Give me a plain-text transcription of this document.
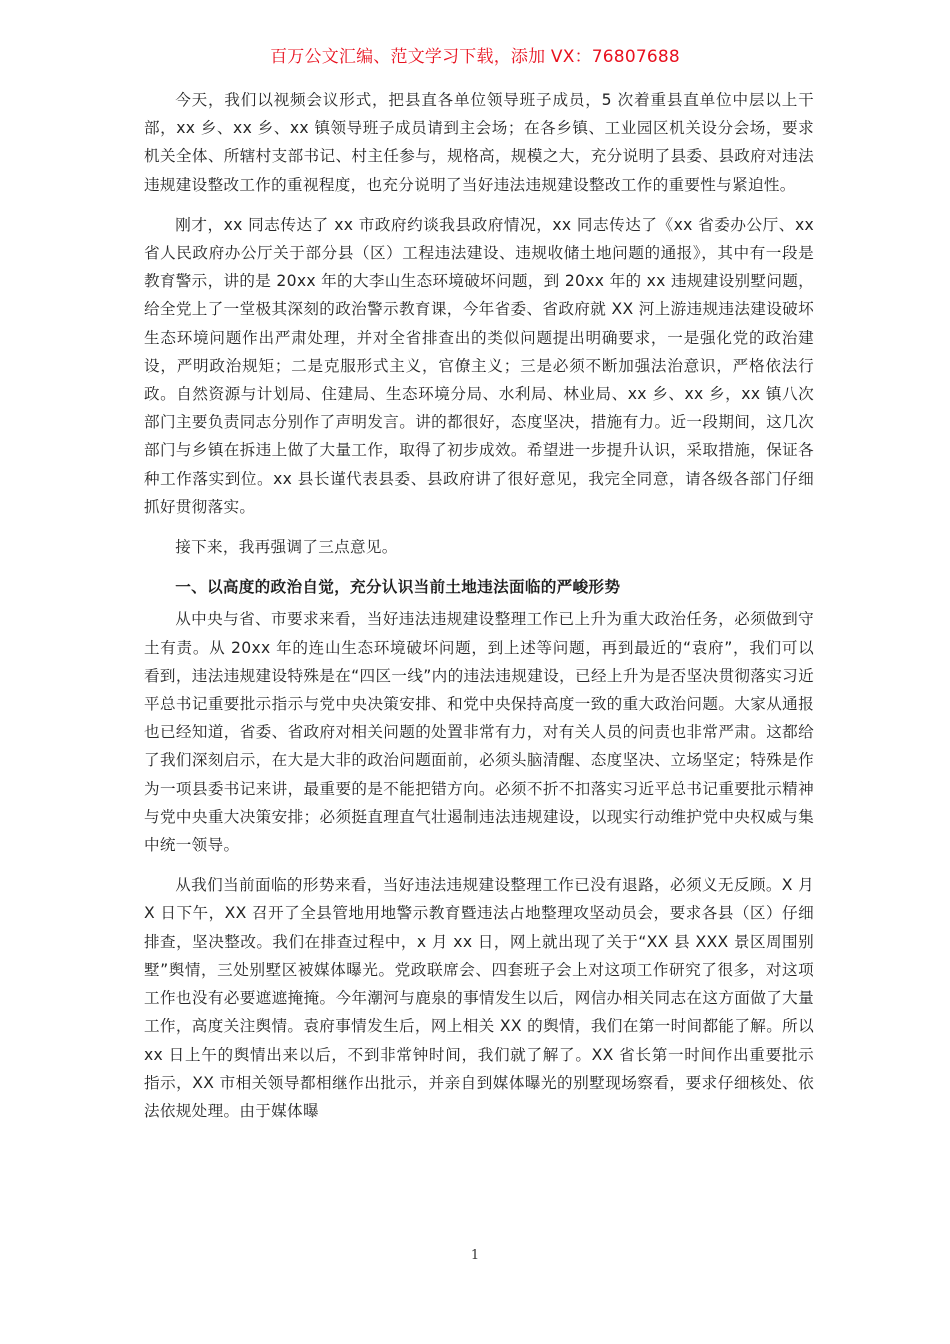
百万公文汇编、范文学习下载，添加 VX：76807688

今天，我们以视频会议形式，把县直各单位领导班子成员，5 次着重县直单位中层以上干部，xx 乡、xx 乡、xx 镇领导班子成员请到主会场；在各乡镇、工业园区机关设分会场，要求机关全体、所辖村支部书记、村主任参与，规格高，规模之大，充分说明了县委、县政府对违法违规建设整改工作的重视程度，也充分说明了当好违法违规建设整改工作的重要性与紧迫性。

刚才，xx 同志传达了 xx 市政府约谈我县政府情况，xx 同志传达了《xx 省委办公厅、xx 省人民政府办公厅关于部分县（区）工程违法建设、违规收储土地问题的通报》，其中有一段是教育警示，讲的是 20xx 年的大李山生态环境破坏问题，到 20xx 年的 xx 违规建设别墅问题，给全党上了一堂极其深刻的政治警示教育课，今年省委、省政府就 XX 河上游违规违法建设破坏生态环境问题作出严肃处理，并对全省排查出的类似问题提出明确要求，一是强化党的政治建设，严明政治规矩；二是克服形式主义，官僚主义；三是必须不断加强法治意识，严格依法行政。自然资源与计划局、住建局、生态环境分局、水利局、林业局、xx 乡、xx 乡，xx 镇八次部门主要负责同志分别作了声明发言。讲的都很好，态度坚决，措施有力。近一段期间，这几次部门与乡镇在拆违上做了大量工作，取得了初步成效。希望进一步提升认识，采取措施，保证各种工作落实到位。xx 县长谨代表县委、县政府讲了很好意见，我完全同意，请各级各部门仔细抓好贯彻落实。

接下来，我再强调了三点意见。

一、以高度的政治自觉，充分认识当前土地违法面临的严峻形势

从中央与省、市要求来看，当好违法违规建设整理工作已上升为重大政治任务，必须做到守土有责。从 20xx 年的连山生态环境破坏问题，到上述等问题，再到最近的“袁府”，我们可以看到，违法违规建设特殊是在“四区一线”内的违法违规建设，已经上升为是否坚决贯彻落实习近平总书记重要批示指示与党中央决策安排、和党中央保持高度一致的重大政治问题。大家从通报也已经知道，省委、省政府对相关问题的处置非常有力，对有关人员的问责也非常严肃。这都给了我们深刻启示，在大是大非的政治问题面前，必须头脑清醒、态度坚决、立场坚定；特殊是作为一项县委书记来讲，最重要的是不能把错方向。必须不折不扣落实习近平总书记重要批示精神与党中央重大决策安排；必须挺直理直气壮遏制违法违规建设，以现实行动维护党中央权威与集中统一领导。

从我们当前面临的形势来看，当好违法违规建设整理工作已没有退路，必须义无反顾。X 月 X 日下午，XX 召开了全县管地用地警示教育暨违法占地整理攻坚动员会，要求各县（区）仔细排查，坚决整改。我们在排查过程中，x 月 xx 日，网上就出现了关于“XX 县 XXX 景区周围别墅”舆情，三处别墅区被媒体曝光。党政联席会、四套班子会上对这项工作研究了很多，对这项工作也没有必要遮遮掩掩。今年潮河与鹿泉的事情发生以后，网信办相关同志在这方面做了大量工作，高度关注舆情。袁府事情发生后，网上相关 XX 的舆情，我们在第一时间都能了解。所以 xx 日上午的舆情出来以后，不到非常钟时间，我们就了解了。XX 省长第一时间作出重要批示指示，XX 市相关领导都相继作出批示，并亲自到媒体曝光的别墅现场察看，要求仔细核处、依法依规处理。由于媒体曝

1
